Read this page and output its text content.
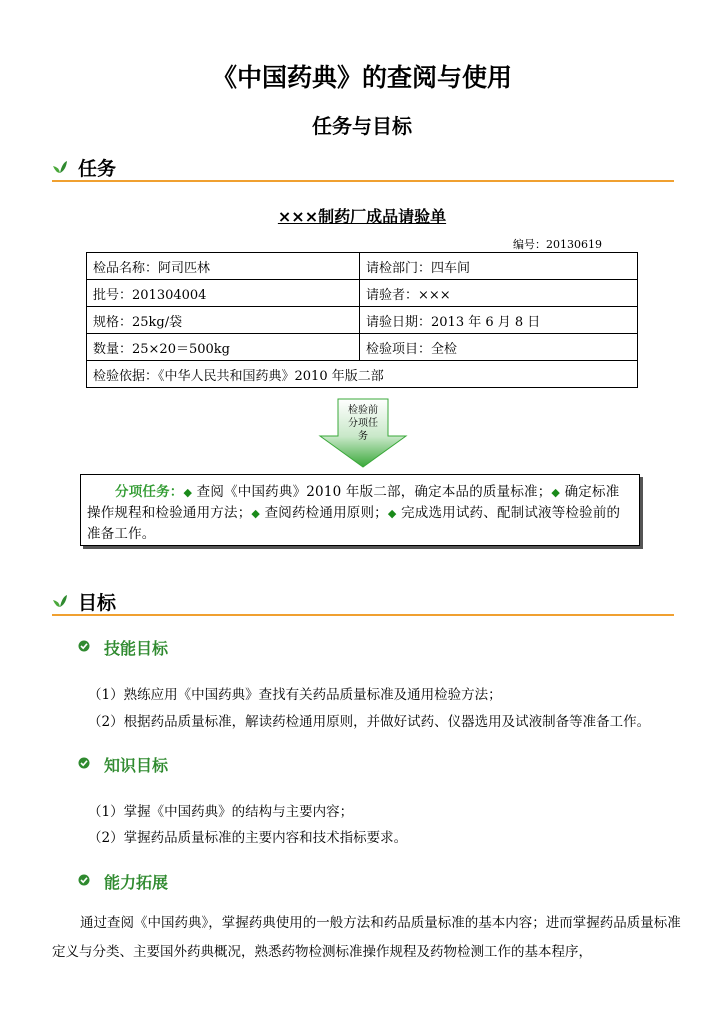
《中国药典》的查阅与使用
任务与目标
任务
×××制药厂成品请验单
编号：20130619
检品名称：阿司匹林	请检部门：四车间
批号：201304004	请验者：×××
规格：25kg/袋	请验日期：2013 年 6 月 8 日
数量：25×20＝500kg	检验项目：全检
检验依据：《中华人民共和国药典》2010 年版二部	
检验前
分项任
务
分项任务：◆ 查阅《中国药典》2010 年版二部，确定本品的质量标准；◆ 确定标准操作规程和检验通用方法；◆ 查阅药检通用原则；◆ 完成选用试药、配制试液等检验前的准备工作。
目标
技能目标
（1）熟练应用《中国药典》查找有关药品质量标准及通用检验方法；
（2）根据药品质量标准，解读药检通用原则，并做好试药、仪器选用及试液制备等准备工作。
知识目标
（1）掌握《中国药典》的结构与主要内容；
（2）掌握药品质量标准的主要内容和技术指标要求。
能力拓展
通过查阅《中国药典》，掌握药典使用的一般方法和药品质量标准的基本内容；进而掌握药品质量标准定义与分类、主要国外药典概况，熟悉药物检测标准操作规程及药物检测工作的基本程序，
